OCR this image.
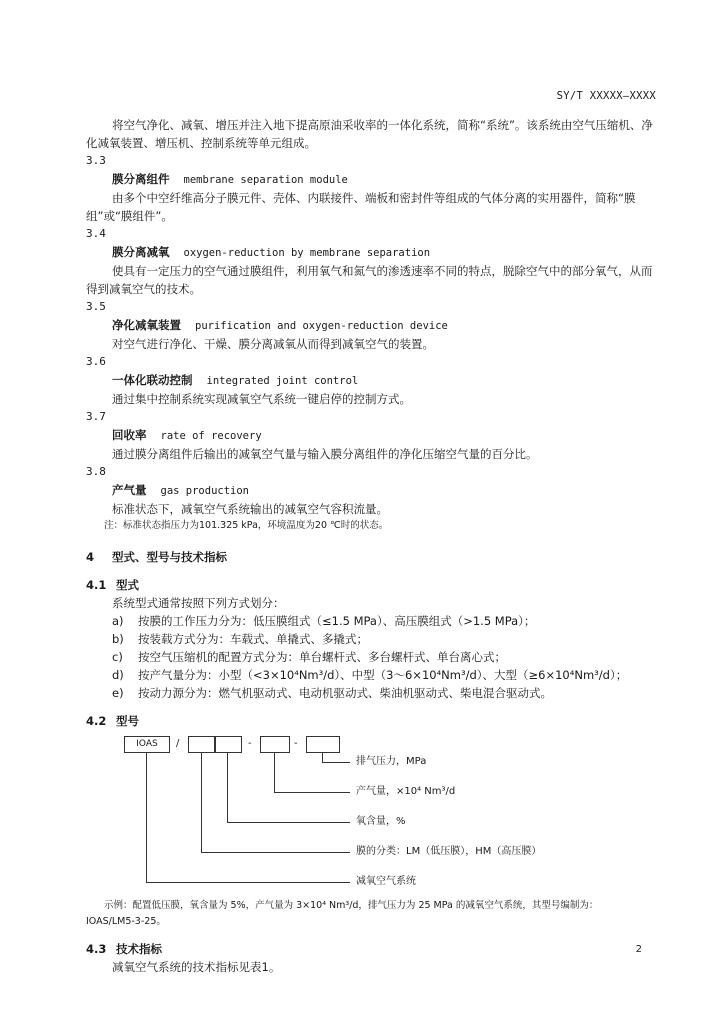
SY/T XXXXX—XXXX

将空气净化、减氧、增压并注入地下提高原油采收率的一体化系统，简称“系统”。该系统由空气压缩机、净化减氧装置、增压机、控制系统等单元组成。

3.3
膜分离组件 membrane separation module

由多个中空纤维高分子膜元件、壳体、内联接件、端板和密封件等组成的气体分离的实用器件，简称“膜组”或“膜组件”。

3.4
膜分离减氧 oxygen-reduction by membrane separation

使具有一定压力的空气通过膜组件，利用氧气和氮气的渗透速率不同的特点，脱除空气中的部分氧气，从而得到减氧空气的技术。

3.5
净化减氧装置 purification and oxygen-reduction device

对空气进行净化、干燥、膜分离减氧从而得到减氧空气的装置。

3.6
一体化联动控制 integrated joint control

通过集中控制系统实现减氧空气系统一键启停的控制方式。

3.7
回收率 rate of recovery

通过膜分离组件后输出的减氧空气量与输入膜分离组件的净化压缩空气量的百分比。

3.8
产气量 gas production

标准状态下，减氧空气系统输出的减氧空气容积流量。

注：标准状态指压力为101.325 kPa，环境温度为20 ℃时的状态。
4 型式、型号与技术指标
4.1 型式

系统型式通常按照下列方式划分：

a) 按膜的工作压力分为：低压膜组式（≤1.5 MPa）、高压膜组式（>1.5 MPa）；
b) 按装载方式分为：车载式、单撬式、多撬式；
c) 按空气压缩机的配置方式分为：单台螺杆式、多台螺杆式、单台离心式；
d) 按产气量分为：小型（<3×10⁴Nm³/d）、中型（3～6×10⁴Nm³/d）、大型（≥6×10⁴Nm³/d）；
e) 按动力源分为：燃气机驱动式、电动机驱动式、柴油机驱动式、柴电混合驱动式。
4.2 型号
IOAS	/	-	-
排气压力，MPa
产气量，×10⁴ Nm³/d
氧含量，%
膜的分类：LM（低压膜），HM（高压膜）
减氧空气系统
示例：配置低压膜，氧含量为 5%，产气量为 3×10⁴ Nm³/d，排气压力为 25 MPa 的减氧空气系统，其型号编制为：
IOAS/LM5-3-25。
4.3 技术指标

减氧空气系统的技术指标见表1。

2
